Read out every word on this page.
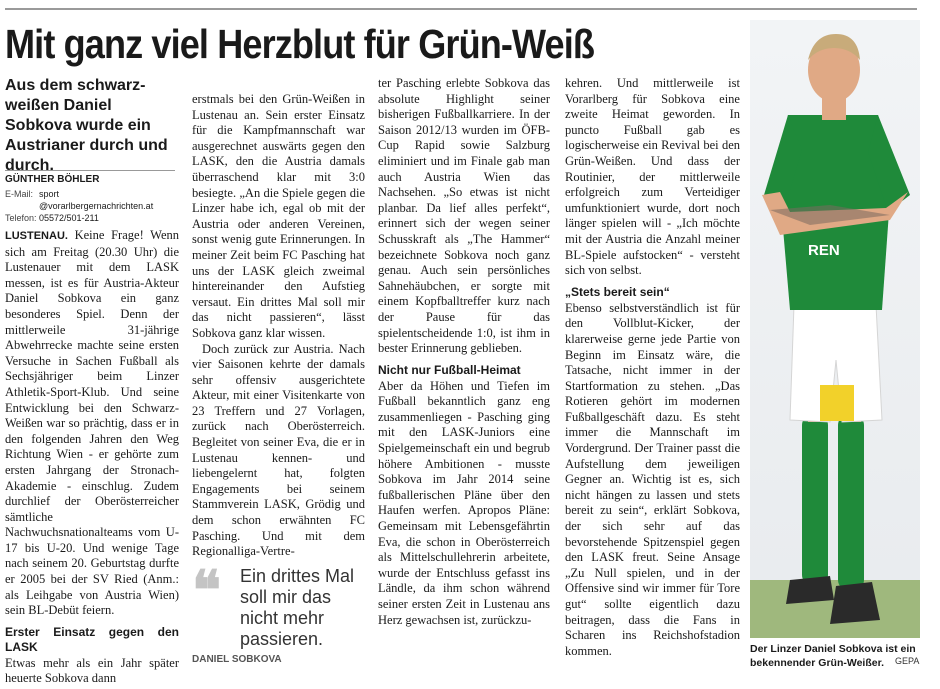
Mit ganz viel Herzblut für Grün-Weiß
Aus dem schwarz-weißen Daniel Sobkova wurde ein Austrianer durch und durch.
GÜNTHER BÖHLER
E-Mail: sport
@vorarlbergernachrichten.at
Telefon: 05572/501-211

LUSTENAU. Keine Frage! Wenn sich am Freitag (20.30 Uhr) die Lustenauer mit dem LASK messen, ist es für Austria-Akteur Daniel Sobkova ein ganz besonderes Spiel. Denn der mittlerweile 31-jährige Abwehrrecke machte seine ersten Versuche in Sachen Fußball als Sechsjähriger beim Linzer Athletik-Sport-Klub. Und seine Entwicklung bei den Schwarz-Weißen war so prächtig, dass er in den folgenden Jahren den Weg Richtung Wien - er gehörte zum ersten Jahrgang der Stronach-Akademie - einschlug. Zudem durchlief der Oberösterreicher sämtliche Nachwuchsnationalteams vom U-17 bis U-20. Und wenige Tage nach seinem 20. Geburtstag durfte er 2005 bei der SV Ried (Anm.: als Leihgabe von Austria Wien) sein BL-Debüt feiern.

Erster Einsatz gegen den LASK

Etwas mehr als ein Jahr später heuerte Sobkova dann

erstmals bei den Grün-Weißen in Lustenau an. Sein erster Einsatz für die Kampfmannschaft war ausgerechnet auswärts gegen den LASK, den die Austria damals überraschend klar mit 3:0 besiegte. „An die Spiele gegen die Linzer habe ich, egal ob mit der Austria oder anderen Vereinen, sonst wenig gute Erinnerungen. In meiner Zeit beim FC Pasching hat uns der LASK gleich zweimal hintereinander den Aufstieg versaut. Ein drittes Mal soll mir das nicht passieren“, lässt Sobkova ganz klar wissen.

Doch zurück zur Austria. Nach vier Saisonen kehrte der damals sehr offensiv ausgerichtete Akteur, mit einer Visitenkarte von 23 Treffern und 27 Vorlagen, zurück nach Oberösterreich. Begleitet von seiner Eva, die er in Lustenau kennen- und liebengelernt hat, folgten Engagements bei seinem Stammverein LASK, Grödig und dem schon erwähnten FC Pasching. Und mit dem Regionalliga-Vertre-

❝ Ein drittes Mal soll mir das nicht mehr passieren.
DANIEL SOBKOVA

ter Pasching erlebte Sobkova das absolute Highlight seiner bisherigen Fußballkarriere. In der Saison 2012/13 wurden im ÖFB-Cup Rapid sowie Salzburg eliminiert und im Finale gab man auch Austria Wien das Nachsehen. „So etwas ist nicht planbar. Da lief alles perfekt“, erinnert sich der wegen seiner Schusskraft als „The Hammer“ bezeichnete Sobkova noch ganz genau. Auch sein persönliches Sahnehäubchen, er sorgte mit einem Kopfballtreffer kurz nach der Pause für das spielentscheidende 1:0, ist ihm in bester Erinnerung geblieben.

Nicht nur Fußball-Heimat

Aber da Höhen und Tiefen im Fußball bekanntlich ganz eng zusammenliegen - Pasching ging mit den LASK-Juniors eine Spielgemeinschaft ein und begrub höhere Ambitionen - musste Sobkova im Jahr 2014 seine fußballerischen Pläne über den Haufen werfen. Apropos Pläne: Gemeinsam mit Lebensgefährtin Eva, die schon in Oberösterreich als Mittelschullehrerin arbeitete, wurde der Entschluss gefasst ins Ländle, da ihm schon während seiner ersten Zeit in Lustenau ans Herz gewachsen ist, zurückzu-

kehren. Und mittlerweile ist Vorarlberg für Sobkova eine zweite Heimat geworden. In puncto Fußball gab es logischerweise ein Revival bei den Grün-Weißen. Und dass der Routinier, der mittlerweile erfolgreich zum Verteidiger umfunktioniert wurde, dort noch länger spielen will - „Ich möchte mit der Austria die Anzahl meiner BL-Spiele aufstocken“ - versteht sich von selbst.

„Stets bereit sein“

Ebenso selbstverständlich ist für den Vollblut-Kicker, der klarerweise gerne jede Partie von Beginn im Einsatz wäre, die Tatsache, nicht immer in der Startformation zu stehen. „Das Rotieren gehört im modernen Fußballgeschäft dazu. Es steht immer die Mannschaft im Vordergrund. Der Trainer passt die Aufstellung dem jeweiligen Gegner an. Wichtig ist es, sich nicht hängen zu lassen und stets bereit zu sein“, erklärt Sobkova, der sich sehr auf das bevorstehende Spitzenspiel gegen den LASK freut. Seine Ansage „Zu Null spielen, und in der Offensive sind wir immer für Tore gut“ sollte eigentlich dazu beitragen, dass die Fans in Scharen ins Reichshofstadion kommen.

REN
Der Linzer Daniel Sobkova ist ein bekennender Grün-Weißer.	GEPA
